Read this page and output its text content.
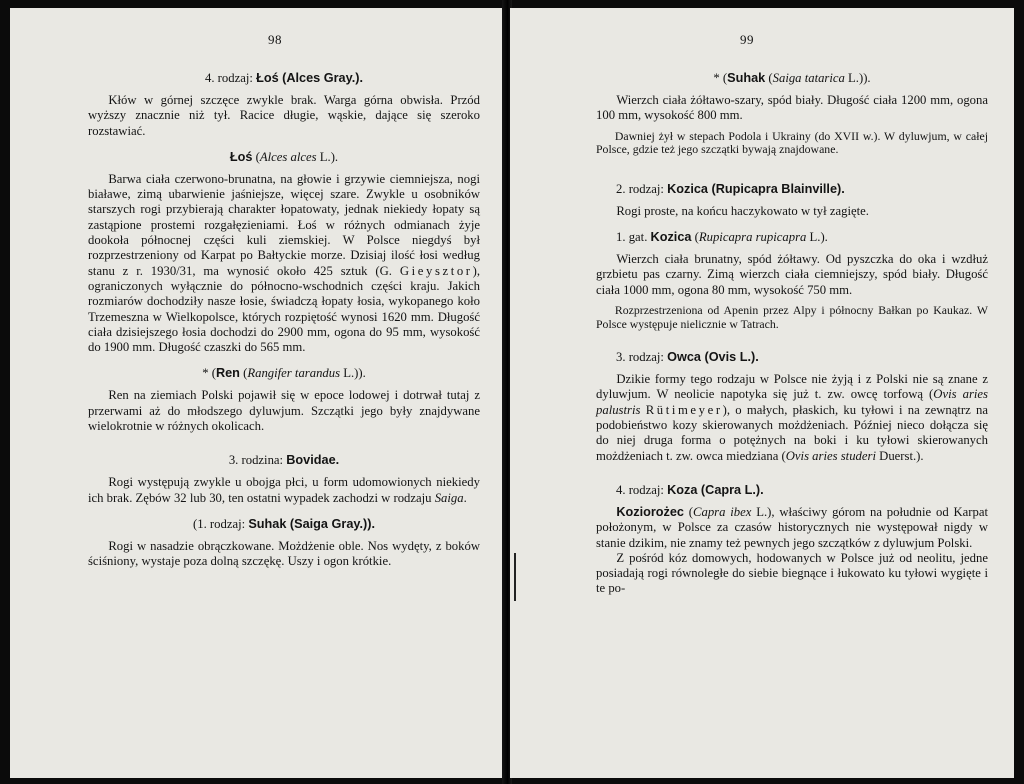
98
4. rodzaj: Łoś (Alces Gray.).

Kłów w górnej szczęce zwykle brak. Warga górna obwisła. Przód wyższy znacznie niż tył. Racice długie, wąskie, dające się szeroko rozstawiać.

Łoś (Alces alces L.).

Barwa ciała czerwono-brunatna, na głowie i grzywie ciemniejsza, nogi białawe, zimą ubarwienie jaśniejsze, więcej szare. Zwykle u osobników starszych rogi przybierają charakter łopatowaty, jednak niekiedy łopaty są zastąpione prostemi rozgałęzieniami. Łoś w różnych odmianach żyje dookoła północnej części kuli ziemskiej. W Polsce niegdyś był rozprzestrzeniony od Karpat po Bałtyckie morze. Dzisiaj ilość łosi według stanu z r. 1930/31, ma wynosić około 425 sztuk (G. Gieysztor), ograniczonych wyłącznie do północno-wschodnich części kraju. Jakich rozmiarów dochodziły nasze łosie, świadczą łopaty łosia, wykopanego koło Trzemeszna w Wielkopolsce, których rozpiętość wynosi 1620 mm. Długość ciała dzisiejszego łosia dochodzi do 2900 mm, ogona do 95 mm, wysokość do 1900 mm. Długość czaszki do 565 mm.

* (Ren (Rangifer tarandus L.)).

Ren na ziemiach Polski pojawił się w epoce lodowej i dotrwał tutaj z przerwami aż do młodszego dyluwjum. Szczątki jego były znajdywane wielokrotnie w różnych okolicach.

3. rodzina: Bovidae.

Rogi występują zwykle u obojga płci, u form udomowionych niekiedy ich brak. Zębów 32 lub 30, ten ostatni wypadek zachodzi w rodzaju Saiga.

(1. rodzaj: Suhak (Saiga Gray.)).

Rogi w nasadzie obrączkowane. Możdżenie oble. Nos wydęty, z boków ściśniony, wystaje poza dolną szczękę. Uszy i ogon krótkie.

99
* (Suhak (Saiga tatarica L.)).

Wierzch ciała żółtawo-szary, spód biały. Długość ciała 1200 mm, ogona 100 mm, wysokość 800 mm.

Dawniej żył w stepach Podola i Ukrainy (do XVII w.). W dyluwjum, w całej Polsce, gdzie też jego szczątki bywają znajdowane.

2. rodzaj: Kozica (Rupicapra Blainville).

Rogi proste, na końcu haczykowato w tył zagięte.

1. gat. Kozica (Rupicapra rupicapra L.).

Wierzch ciała brunatny, spód żółtawy. Od pyszczka do oka i wzdłuż grzbietu pas czarny. Zimą wierzch ciała ciemniejszy, spód biały. Długość ciała 1000 mm, ogona 80 mm, wysokość 750 mm.

Rozprzestrzeniona od Apenin przez Alpy i północny Bałkan po Kaukaz. W Polsce występuje nielicznie w Tatrach.

3. rodzaj: Owca (Ovis L.).

Dzikie formy tego rodzaju w Polsce nie żyją i z Polski nie są znane z dyluwjum. W neolicie napotyka się już t. zw. owcę torfową (Ovis aries palustris Rütimeyer), o małych, płaskich, ku tyłowi i na zewnątrz na podobieństwo kozy skierowanych możdżeniach. Później nieco dołącza się do niej druga forma o potężnych na boki i ku tyłowi skierowanych możdżeniach t. zw. owca miedziana (Ovis aries studeri Duerst.).

4. rodzaj: Koza (Capra L.).

Koziorożec (Capra ibex L.), właściwy górom na południe od Karpat położonym, w Polsce za czasów historycznych nie występował nigdy w stanie dzikim, nie znamy też pewnych jego szczątków z dyluwjum Polski.

Z pośród kóz domowych, hodowanych w Polsce już od neolitu, jedne posiadają rogi równoległe do siebie biegnące i łukowato ku tyłowi wygięte i te po-
